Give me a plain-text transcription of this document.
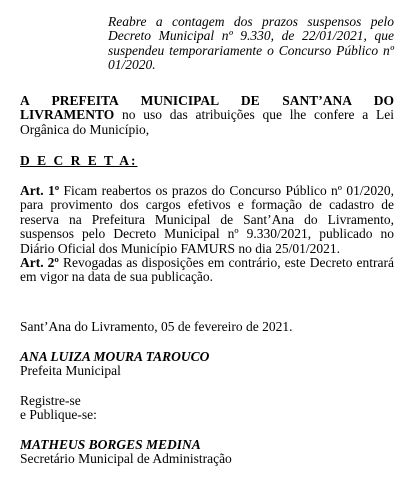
Reabre a contagem dos prazos suspensos pelo Decreto Municipal nº 9.330, de 22/01/2021, que suspendeu temporariamente o Concurso Público nº 01/2020.
A PREFEITA MUNICIPAL DE SANT’ANA DO LIVRAMENTO no uso das atribuições que lhe confere a Lei Orgânica do Município,
D E C R E T A:
Art. 1º Ficam reabertos os prazos do Concurso Público nº 01/2020, para provimento dos cargos efetivos e formação de cadastro de reserva na Prefeitura Municipal de Sant’Ana do Livramento, suspensos pelo Decreto Municipal nº 9.330/2021, publicado no Diário Oficial dos Município FAMURS no dia 25/01/2021.
Art. 2º Revogadas as disposições em contrário, este Decreto entrará em vigor na data de sua publicação.
Sant’Ana do Livramento, 05 de fevereiro de 2021.
ANA LUIZA MOURA TAROUCO
Prefeita Municipal
Registre-se
e Publique-se:
MATHEUS BORGES MEDINA
Secretário Municipal de Administração
